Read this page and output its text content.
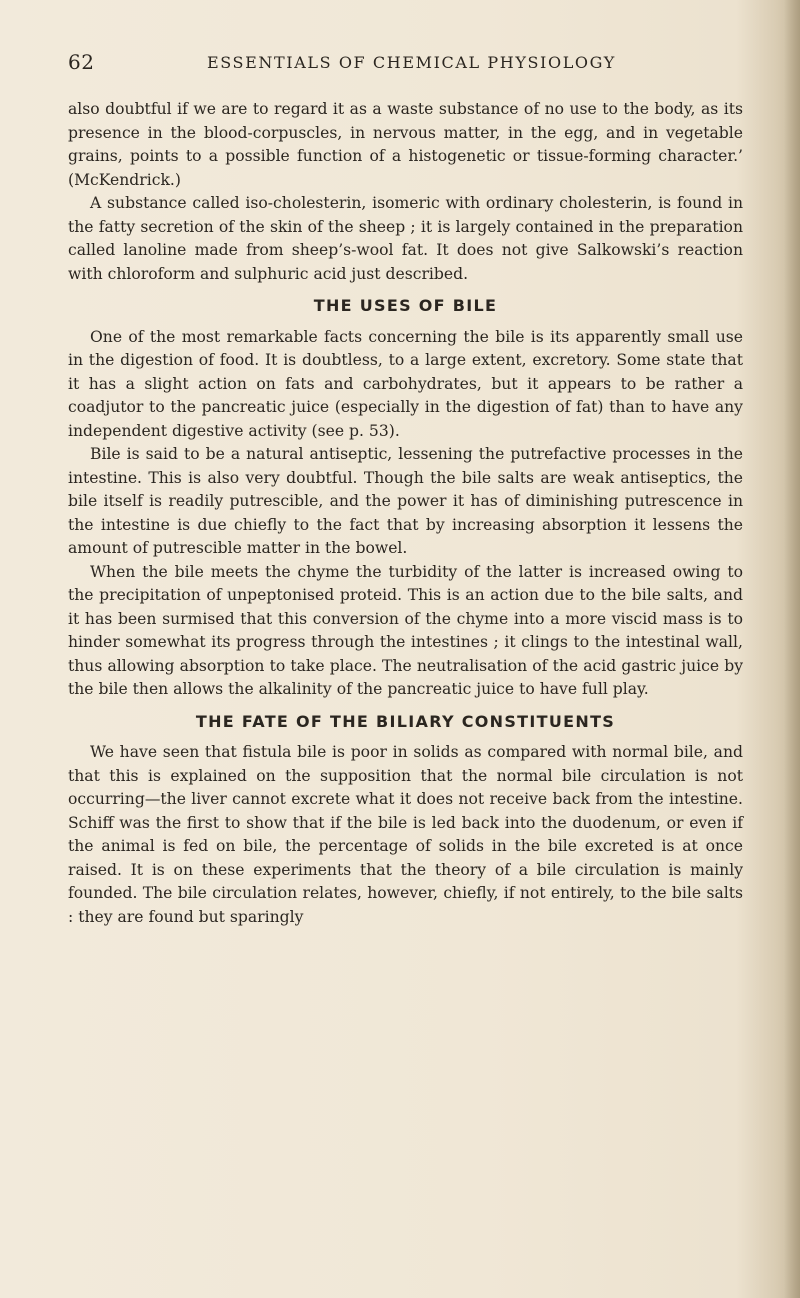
62	ESSENTIALS OF CHEMICAL PHYSIOLOGY

also doubtful if we are to regard it as a waste substance of no use to the body, as its presence in the blood-corpuscles, in nervous matter, in the egg, and in vegetable grains, points to a possible function of a histogenetic or tissue-forming character.’ (McKendrick.)

A substance called iso-cholesterin, isomeric with ordinary cholesterin, is found in the fatty secretion of the skin of the sheep ; it is largely contained in the preparation called lanoline made from sheep’s-wool fat. It does not give Salkowski’s reaction with chloroform and sulphuric acid just described.

THE USES OF BILE

One of the most remarkable facts concerning the bile is its apparently small use in the digestion of food. It is doubtless, to a large extent, excretory. Some state that it has a slight action on fats and carbohydrates, but it appears to be rather a coadjutor to the pancreatic juice (especially in the digestion of fat) than to have any independent digestive activity (see p. 53).

Bile is said to be a natural antiseptic, lessening the putrefactive processes in the intestine. This is also very doubtful. Though the bile salts are weak antiseptics, the bile itself is readily putrescible, and the power it has of diminishing putrescence in the intestine is due chiefly to the fact that by increasing absorption it lessens the amount of putrescible matter in the bowel.

When the bile meets the chyme the turbidity of the latter is increased owing to the precipitation of unpeptonised proteid. This is an action due to the bile salts, and it has been surmised that this conversion of the chyme into a more viscid mass is to hinder somewhat its progress through the intestines ; it clings to the intestinal wall, thus allowing absorption to take place. The neutralisation of the acid gastric juice by the bile then allows the alkalinity of the pancreatic juice to have full play.

THE FATE OF THE BILIARY CONSTITUENTS

We have seen that fistula bile is poor in solids as compared with normal bile, and that this is explained on the supposition that the normal bile circulation is not occurring—the liver cannot excrete what it does not receive back from the intestine. Schiff was the first to show that if the bile is led back into the duodenum, or even if the animal is fed on bile, the percentage of solids in the bile excreted is at once raised. It is on these experiments that the theory of a bile circulation is mainly founded. The bile circulation relates, however, chiefly, if not entirely, to the bile salts : they are found but sparingly
